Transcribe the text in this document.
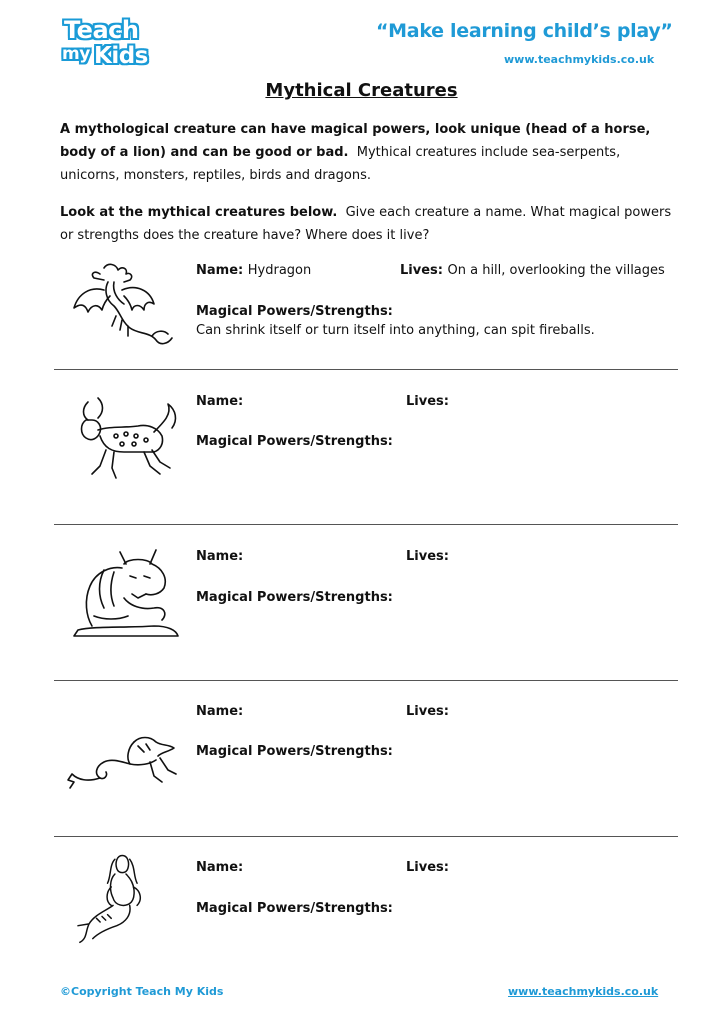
Teach
my Kids
“Make learning child’s play”
www.teachmykids.co.uk
Mythical Creatures
A mythological creature can have magical powers, look unique (head of a horse, body of a lion) and can be good or bad. Mythical creatures include sea-serpents, unicorns, monsters, reptiles, birds and dragons.
Look at the mythical creatures below. Give each creature a name. What magical powers or strengths does the creature have? Where does it live?
Name: Hydragon	Lives: On a hill, overlooking the villages
Magical Powers/Strengths:
Can shrink itself or turn itself into anything, can spit fireballs.
Name:	Lives:
Magical Powers/Strengths:
Name:	Lives:
Magical Powers/Strengths:
Name:	Lives:
Magical Powers/Strengths:
Name:	Lives:
Magical Powers/Strengths:
©Copyright Teach My Kids	www.teachmykids.co.uk
